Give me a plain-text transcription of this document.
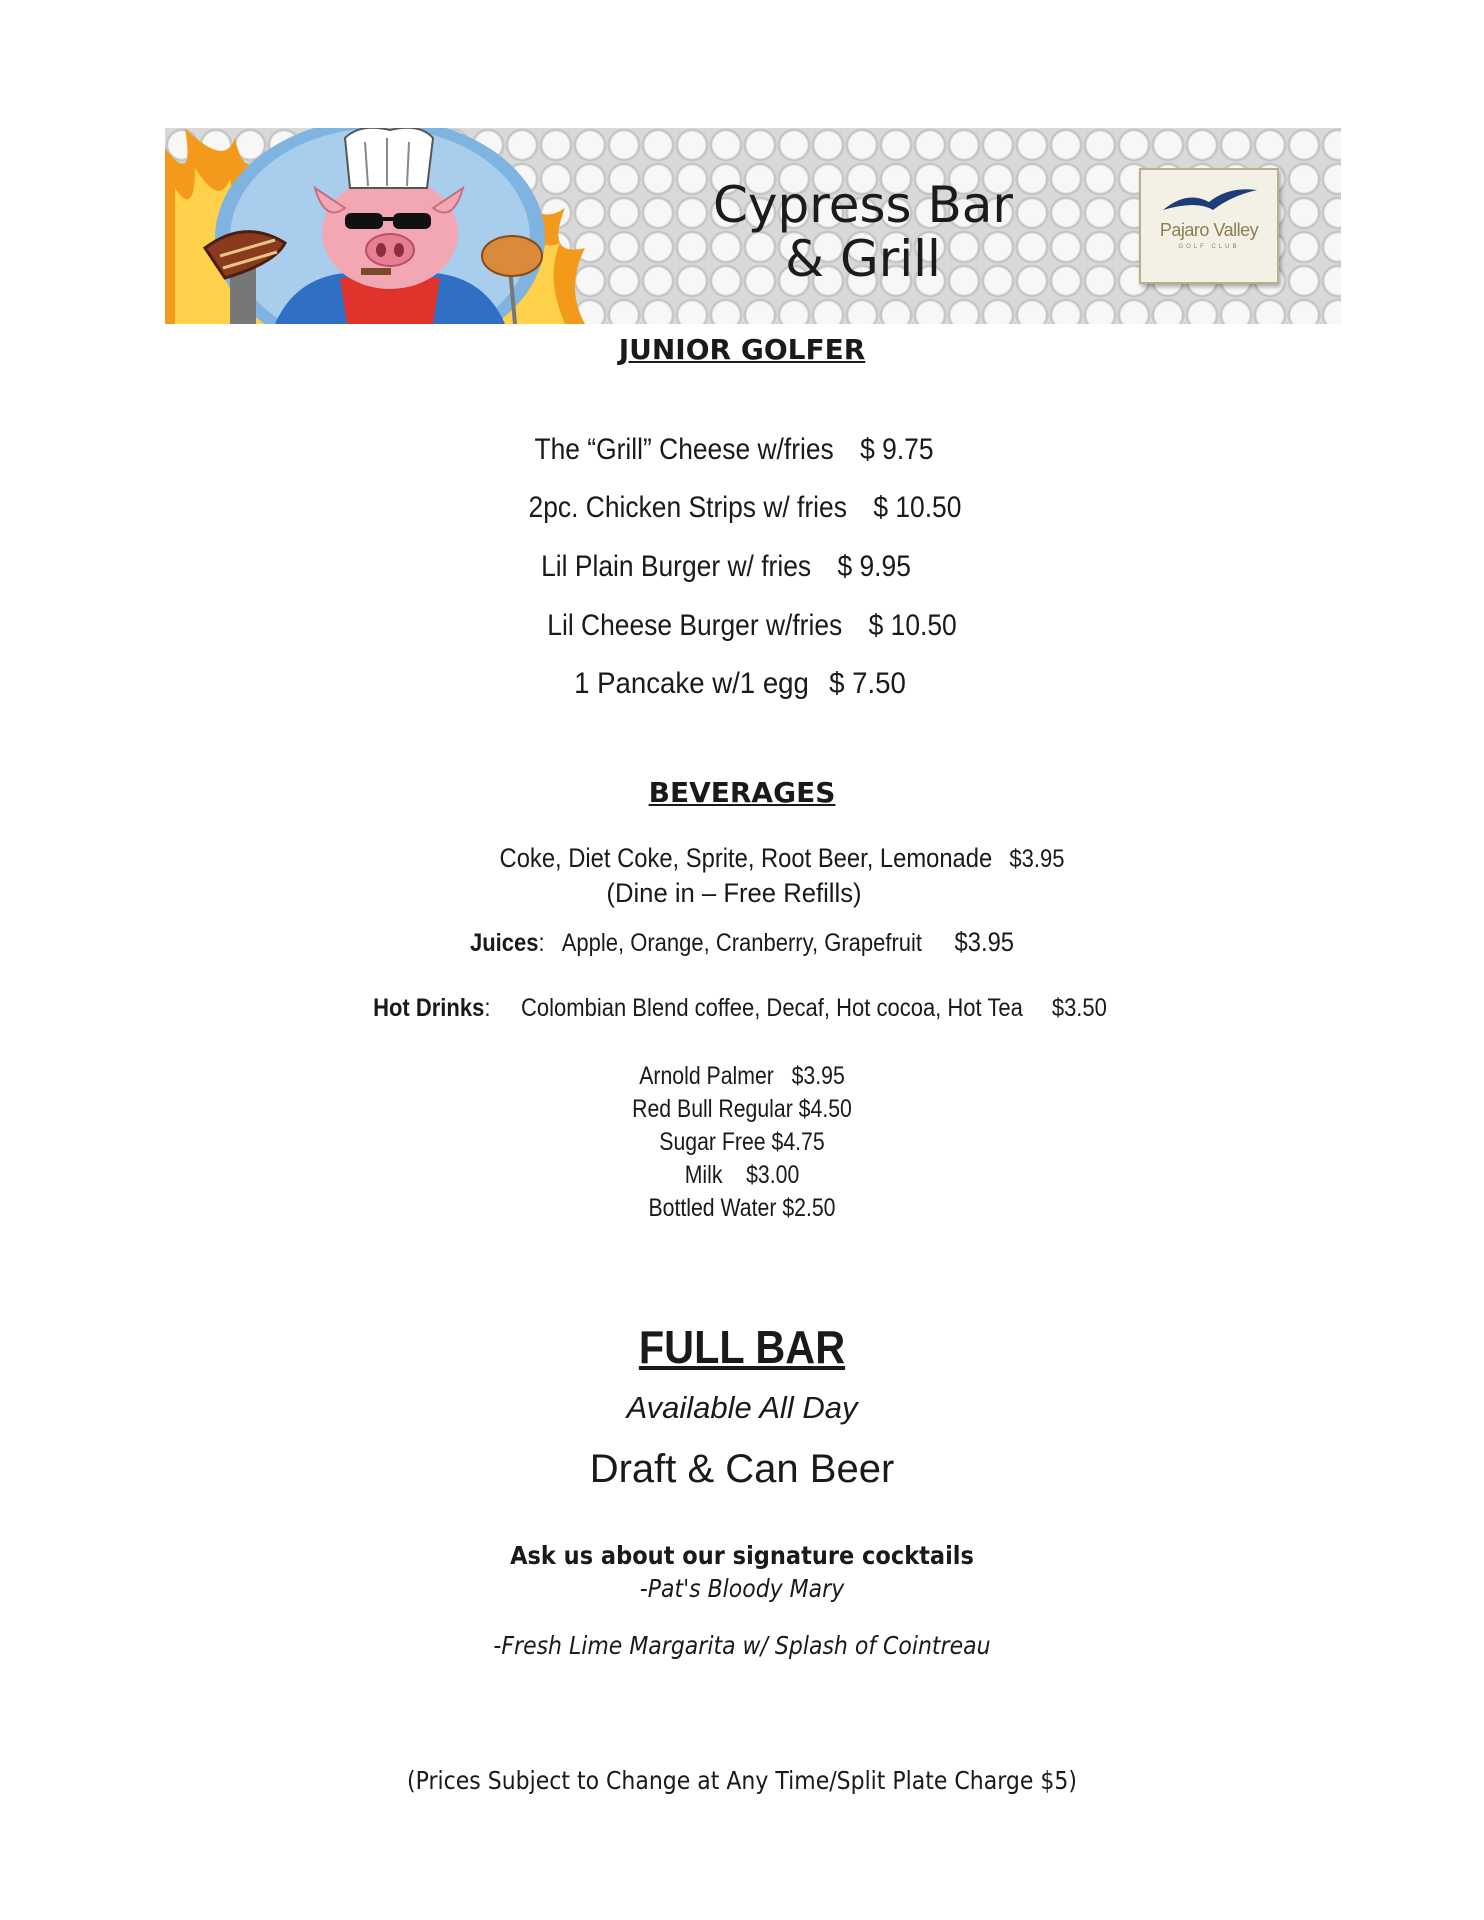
Cypress Bar
& Grill	Pajaro Valley
GOLF CLUB
JUNIOR GOLFER
The “Grill” Cheese w/fries $ 9.75
2pc. Chicken Strips w/ fries $ 10.50
Lil Plain Burger w/ fries $ 9.95
Lil Cheese Burger w/fries $ 10.50
1 Pancake w/1 egg $ 7.50
BEVERAGES
Coke, Diet Coke, Sprite, Root Beer, Lemonade $3.95
(Dine in – Free Refills)
Juices:   Apple, Orange, Cranberry, Grapefruit $3.95
Hot Drinks:     Colombian Blend coffee, Decaf, Hot cocoa, Hot Tea $3.50
Arnold Palmer   $3.95
Red Bull Regular $4.50
Sugar Free $4.75
Milk    $3.00
Bottled Water $2.50
FULL BAR
Available All Day
Draft & Can Beer
Ask us about our signature cocktails
-Pat's Bloody Mary
-Fresh Lime Margarita w/ Splash of Cointreau
(Prices Subject to Change at Any Time/Split Plate Charge $5)
